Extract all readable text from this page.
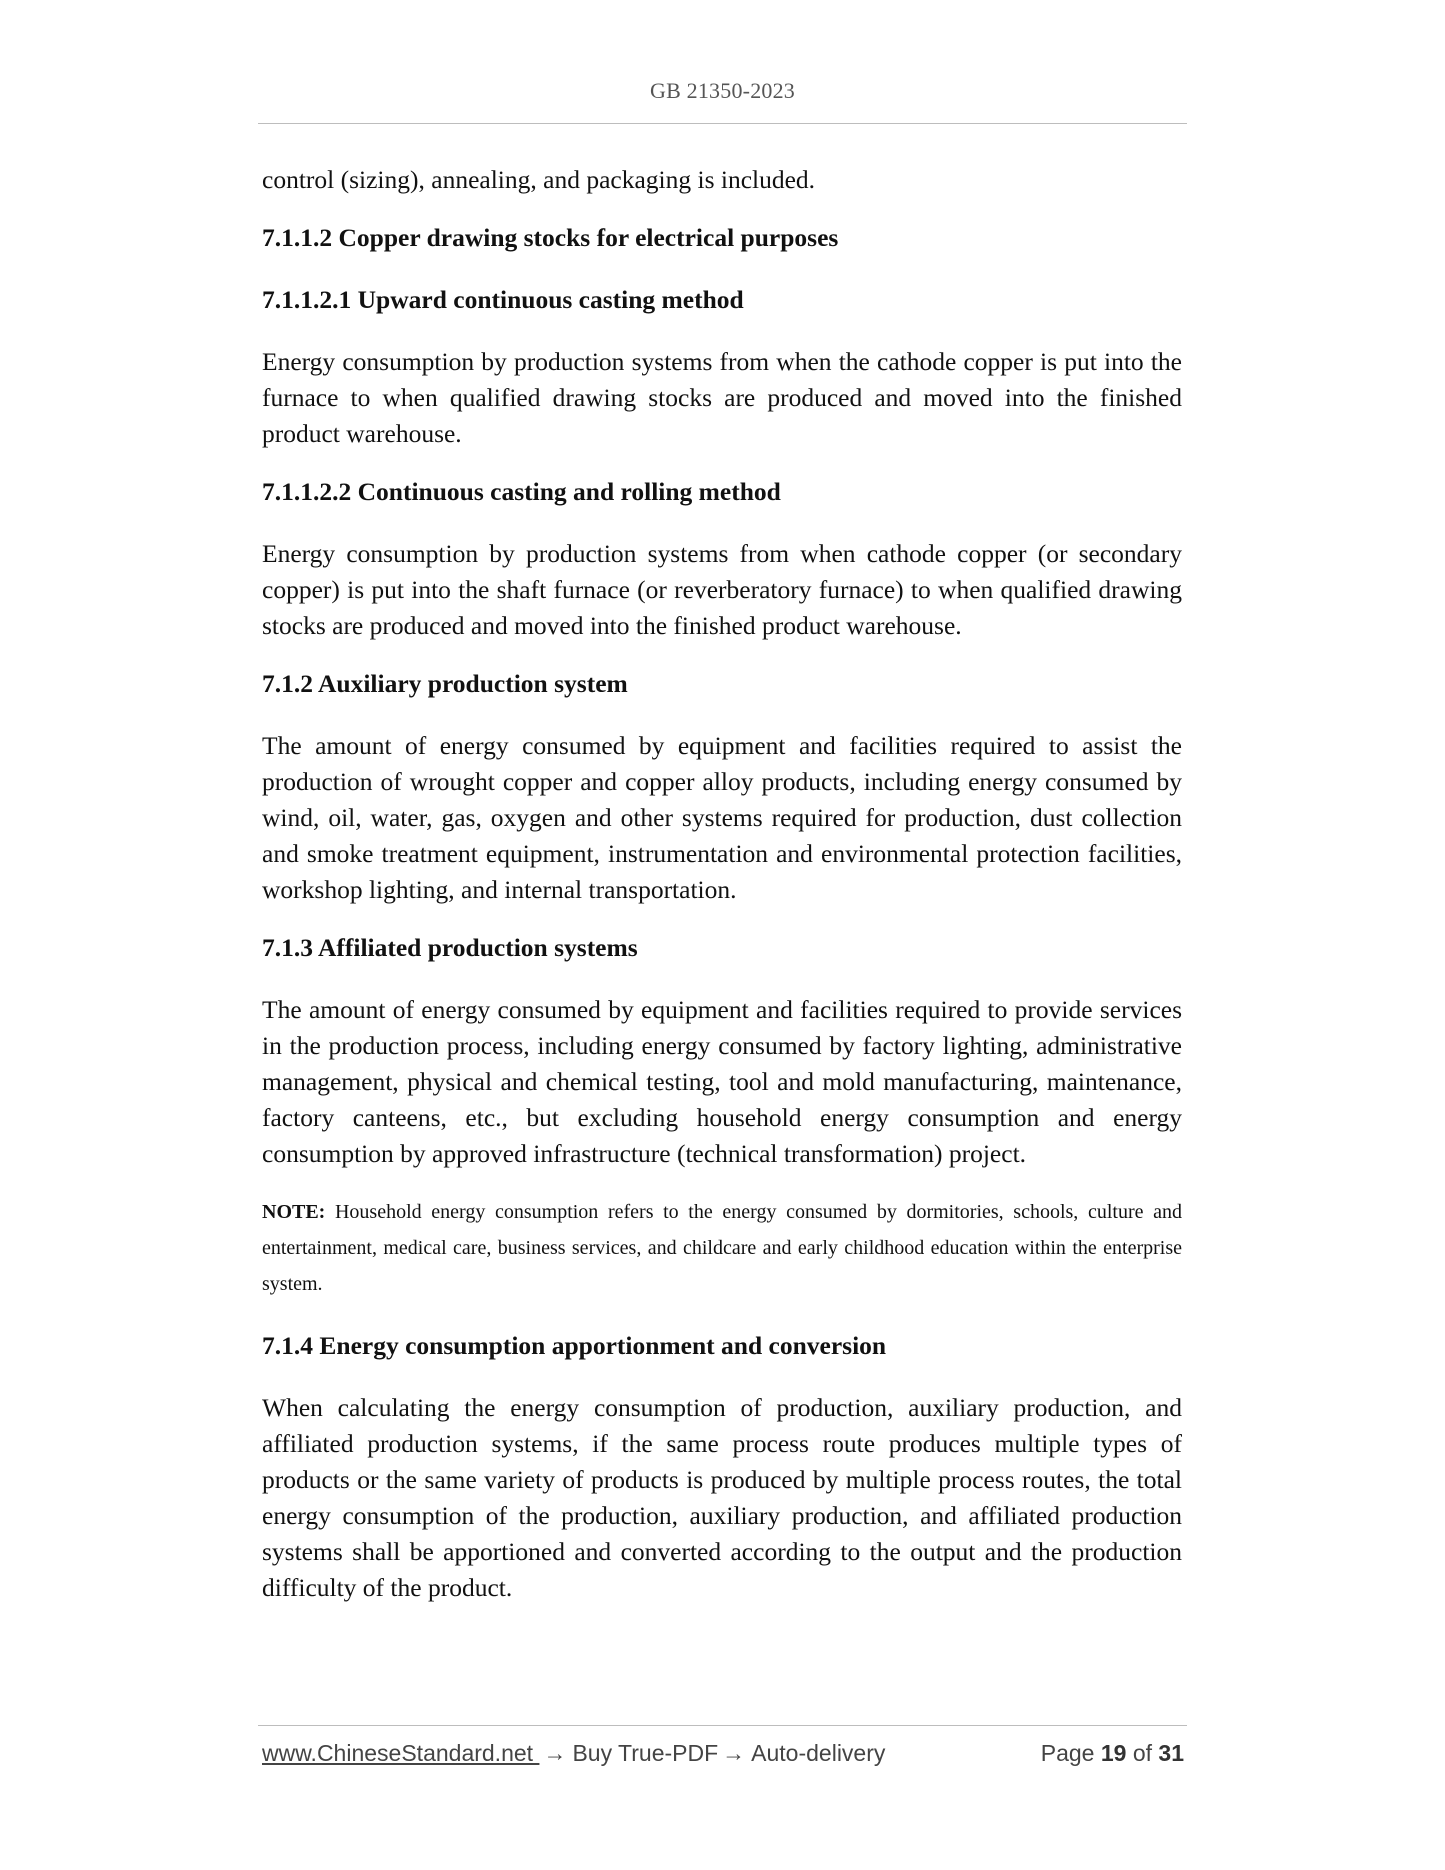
GB 21350-2023

control (sizing), annealing, and packaging is included.

7.1.1.2 Copper drawing stocks for electrical purposes

7.1.1.2.1 Upward continuous casting method

Energy consumption by production systems from when the cathode copper is put into the furnace to when qualified drawing stocks are produced and moved into the finished product warehouse.

7.1.1.2.2 Continuous casting and rolling method

Energy consumption by production systems from when cathode copper (or secondary copper) is put into the shaft furnace (or reverberatory furnace) to when qualified drawing stocks are produced and moved into the finished product warehouse.

7.1.2 Auxiliary production system

The amount of energy consumed by equipment and facilities required to assist the production of wrought copper and copper alloy products, including energy consumed by wind, oil, water, gas, oxygen and other systems required for production, dust collection and smoke treatment equipment, instrumentation and environmental protection facilities, workshop lighting, and internal transportation.

7.1.3 Affiliated production systems

The amount of energy consumed by equipment and facilities required to provide services in the production process, including energy consumed by factory lighting, administrative management, physical and chemical testing, tool and mold manufacturing, maintenance, factory canteens, etc., but excluding household energy consumption and energy consumption by approved infrastructure (technical transformation) project.

NOTE: Household energy consumption refers to the energy consumed by dormitories, schools, culture and entertainment, medical care, business services, and childcare and early childhood education within the enterprise system.

7.1.4 Energy consumption apportionment and conversion

When calculating the energy consumption of production, auxiliary production, and affiliated production systems, if the same process route produces multiple types of products or the same variety of products is produced by multiple process routes, the total energy consumption of the production, auxiliary production, and affiliated production systems shall be apportioned and converted according to the output and the production difficulty of the product.

www.ChineseStandard.net → Buy True-PDF → Auto-delivery	Page 19 of 31
